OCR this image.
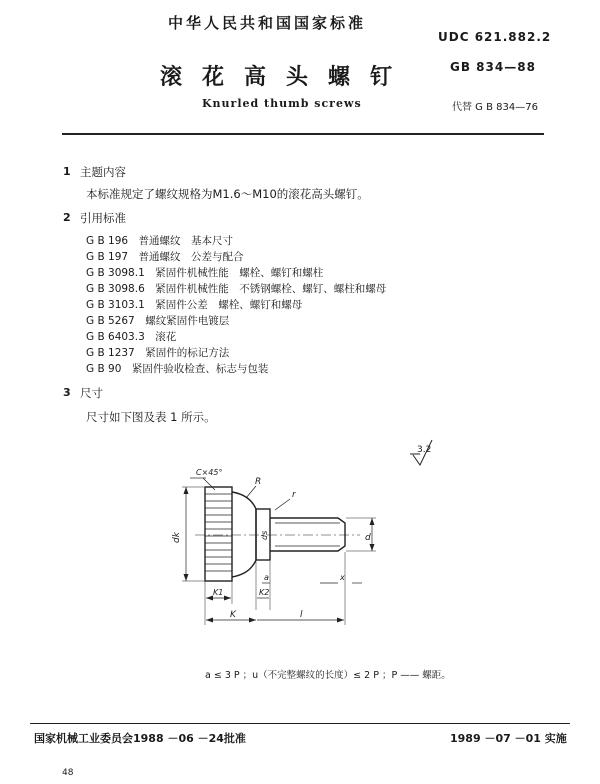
中华人民共和国国家标准
UDC 621.882.2
滚花高头螺钉	GB 834—88
Knurled thumb screws	代替 G B 834—76
1 主题内容
本标准规定了螺纹规格为M1.6～M10的滚花高头螺钉。
2 引用标准
G B 196　普通螺纹　基本尺寸
G B 197　普通螺纹　公差与配合
G B 3098.1　紧固件机械性能　螺栓、螺钉和螺柱
G B 3098.6　紧固件机械性能　不锈钢螺栓、螺钉、螺柱和螺母
G B 3103.1　紧固件公差　螺栓、螺钉和螺母
G B 5267　螺纹紧固件电镀层
G B 6403.3　滚花
G B 1237　紧固件的标记方法
G B 90　紧固件验收检查、标志与包装
3 尺寸
尺寸如下图及表 1 所示。
3.2
C×45°
R
r
dk	ds	d
a	x
K1	K2
K	l
a ≤ 3 P ；u（不完整螺纹的长度）≤ 2 P ；P —— 螺距。
国家机械工业委员会1988 －06 －24批准	1989 －07 －01 实施
48
